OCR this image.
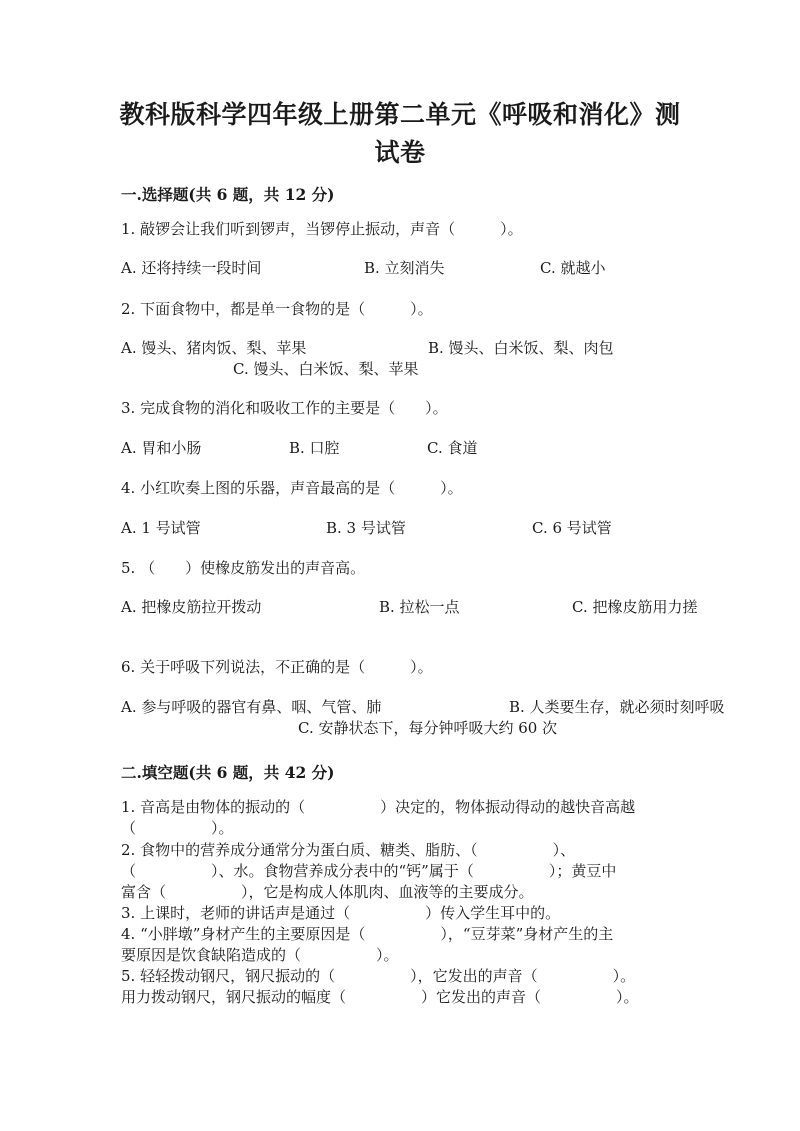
教科版科学四年级上册第二单元《呼吸和消化》测试卷
一.选择题(共 6 题，共 12 分)
1. 敲锣会让我们听到锣声，当锣停止振动，声音（　　　）。
A. 还将持续一段时间	B. 立刻消失	C. 就越小
2. 下面食物中，都是单一食物的是（　　　）。
A. 馒头、猪肉饭、梨、苹果	B. 馒头、白米饭、梨、肉包
C. 馒头、白米饭、梨、苹果
3. 完成食物的消化和吸收工作的主要是（　　）。
A. 胃和小肠	B. 口腔	C. 食道
4. 小红吹奏上图的乐器，声音最高的是（　　　）。
A. 1 号试管	B. 3 号试管	C. 6 号试管
5. （　　）使橡皮筋发出的声音高。
A. 把橡皮筋拉开拨动	B. 拉松一点	C. 把橡皮筋用力搓
6. 关于呼吸下列说法，不正确的是（　　　）。
A. 参与呼吸的器官有鼻、咽、气管、肺	B. 人类要生存，就必须时刻呼吸
C. 安静状态下，每分钟呼吸大约 60 次
二.填空题(共 6 题，共 42 分)
1. 音高是由物体的振动的（　　　　　）决定的，物体振动得动的越快音高越
（　　　　　）。
2. 食物中的营养成分通常分为蛋白质、糖类、脂肪、（　　　　　）、
（　　　　　）、水。食物营养成分表中的“钙”属于（　　　　　）；黄豆中
富含（　　　　　），它是构成人体肌肉、血液等的主要成分。
3. 上课时，老师的讲话声是通过（　　　　　）传入学生耳中的。
4. “小胖墩”身材产生的主要原因是（　　　　　），“豆芽菜”身材产生的主
要原因是饮食缺陷造成的（　　　　　）。
5. 轻轻拨动钢尺，钢尺振动的（　　　　　），它发出的声音（　　　　　）。
用力拨动钢尺，钢尺振动的幅度（　　　　　）它发出的声音（　　　　　）。
